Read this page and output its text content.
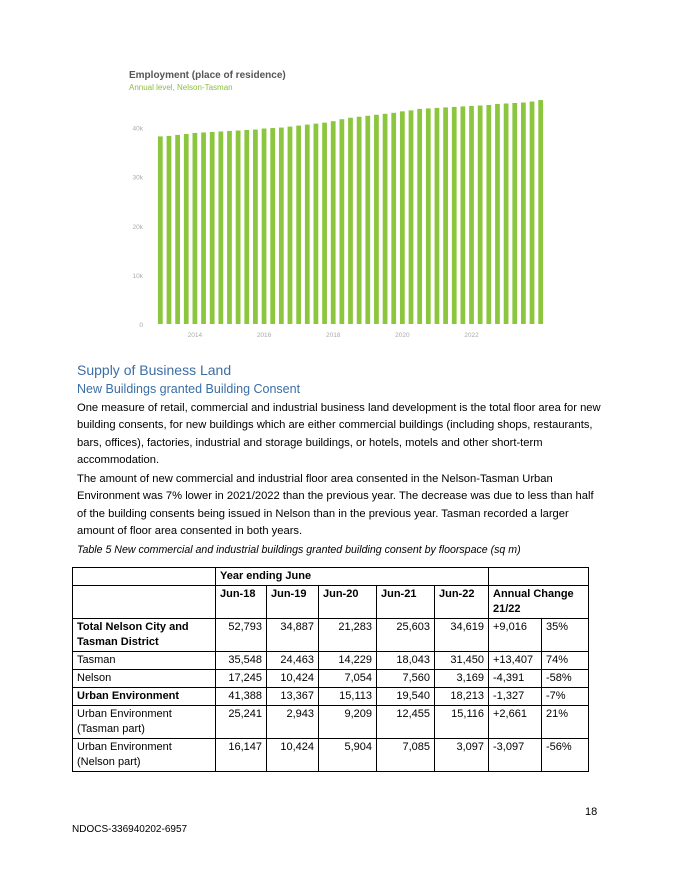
Employment (place of residence)
Annual level, Nelson-Tasman
0
10k
20k
30k
40k
2014	2016	2018	2020	2022
Supply of Business Land
New Buildings granted Building Consent

One measure of retail, commercial and industrial business land development is the total floor area for new building consents, for new buildings which are either commercial buildings (including shops, restaurants, bars, offices), factories, industrial and storage buildings, or hotels, motels and other short-term accommodation.

The amount of new commercial and industrial floor area consented in the Nelson-Tasman Urban Environment was 7% lower in 2021/2022 than the previous year. The decrease was due to less than half of the building consents being issued in Nelson than in the previous year. Tasman recorded a larger amount of floor area consented in both years.

Table 5 New commercial and industrial buildings granted building consent by floorspace (sq m)
	Year ending June						
	Jun-18	Jun-19	Jun-20	Jun-21	Jun-22	Annual Change 21/22	
Total Nelson City and Tasman District	52,793	34,887	21,283	25,603	34,619	+9,016	35%
Tasman	35,548	24,463	14,229	18,043	31,450	+13,407	74%
Nelson	17,245	10,424	7,054	7,560	3,169	-4,391	-58%
Urban Environment	41,388	13,367	15,113	19,540	18,213	-1,327	-7%
Urban Environment (Tasman part)	25,241	2,943	9,209	12,455	15,116	+2,661	21%
Urban Environment (Nelson part)	16,147	10,424	5,904	7,085	3,097	-3,097	-56%
18
NDOCS-336940202-6957
